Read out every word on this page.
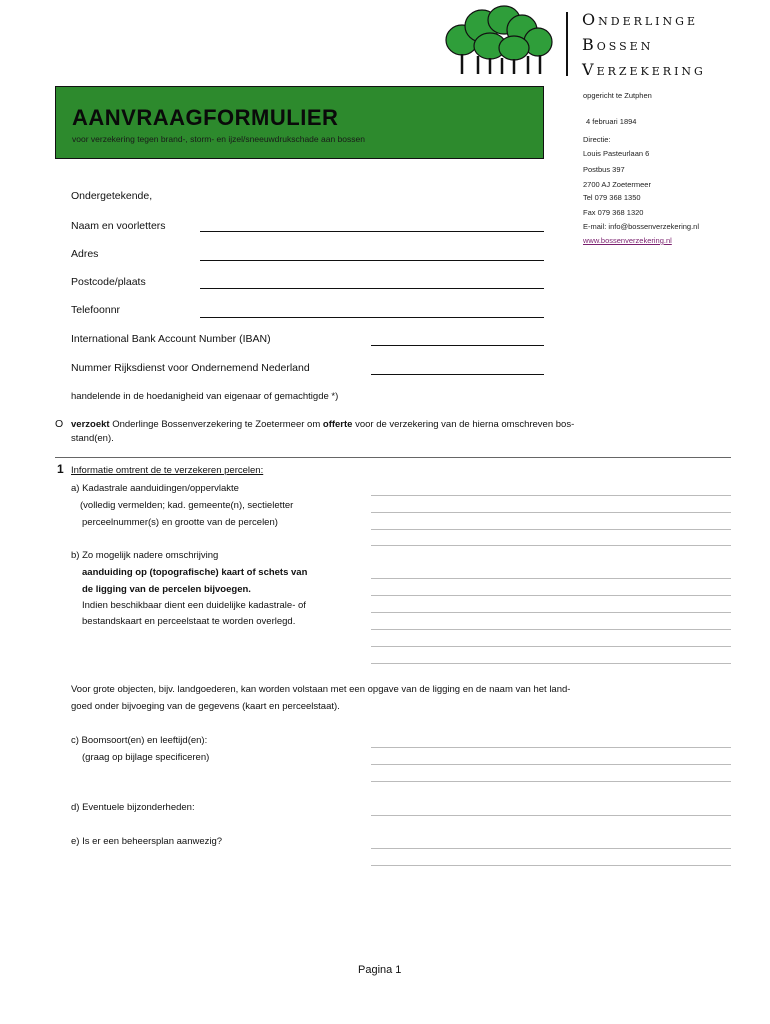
ONDERLINGE
BOSSEN
VERZEKERING
AANVRAAGFORMULIER
voor verzekering tegen brand-, storm- en ijzel/sneeuwdrukschade aan bossen
opgericht te Zutphen
4 februari 1894
Directie:
Louis Pasteurlaan 6
Postbus 397
2700 AJ Zoetermeer
Tel 079 368 1350
Fax 079 368 1320
E-mail: info@bossenverzekering.nl
www.bossenverzekering.nl
Ondergetekende,
Naam en voorletters
Adres
Postcode/plaats
Telefoonnr
International Bank Account Number (IBAN)
Nummer Rijksdienst voor Ondernemend Nederland
handelende in de hoedanigheid van eigenaar of gemachtigde *)
O verzoekt Onderlinge Bossenverzekering te Zoetermeer om offerte voor de verzekering van de hierna omschreven bos-
stand(en).
1 Informatie omtrent de te verzekeren percelen:
a) Kadastrale aanduidingen/oppervlakte
(volledig vermelden; kad. gemeente(n), sectieletter
perceelnummer(s) en grootte van de percelen)
b) Zo mogelijk nadere omschrijving
aanduiding op (topografische) kaart of schets van
de ligging van de percelen bijvoegen.
Indien beschikbaar dient een duidelijke kadastrale- of
bestandskaart en perceelstaat te worden overlegd.
Voor grote objecten, bijv. landgoederen, kan worden volstaan met een opgave van de ligging en de naam van het land-
goed onder bijvoeging van de gegevens (kaart en perceelstaat).
c) Boomsoort(en) en leeftijd(en):
(graag op bijlage specificeren)
d) Eventuele bijzonderheden:
e) Is er een beheersplan aanwezig?
Pagina 1
